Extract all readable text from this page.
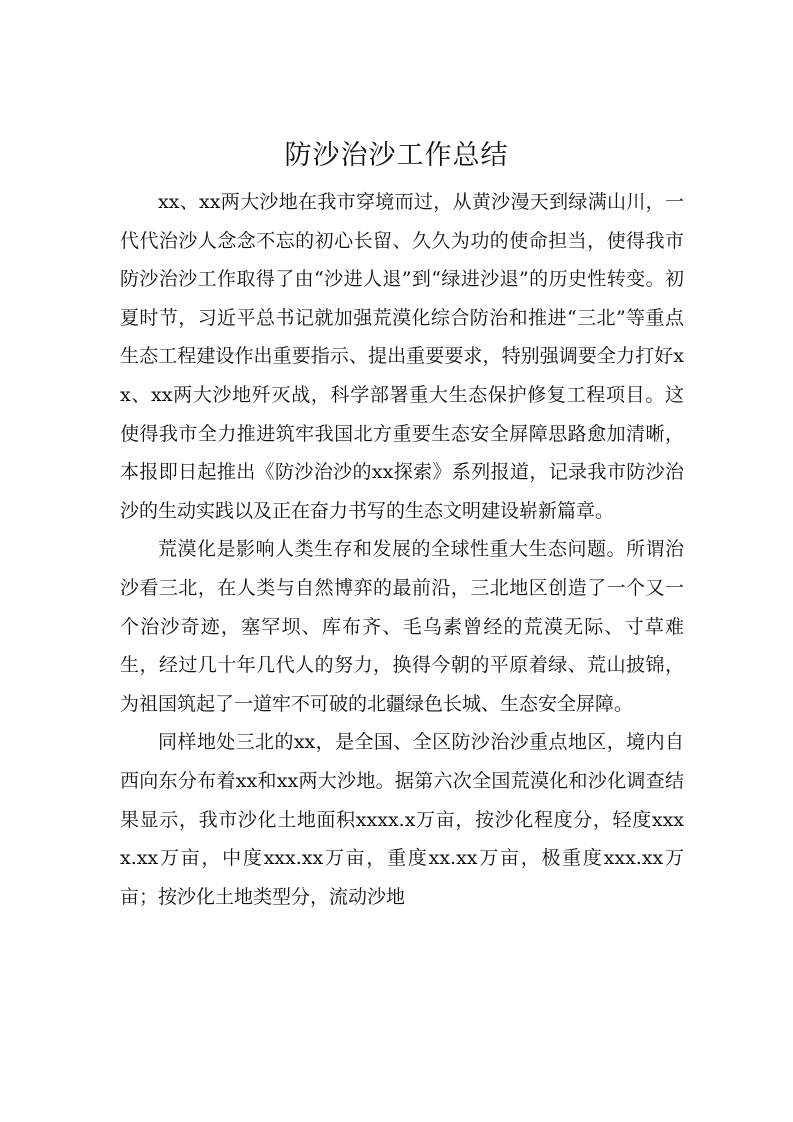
防沙治沙工作总结

xx、xx两大沙地在我市穿境而过，从黄沙漫天到绿满山川，一代代治沙人念念不忘的初心长留、久久为功的使命担当，使得我市防沙治沙工作取得了由“沙进人退”到“绿进沙退”的历史性转变。初夏时节，习近平总书记就加强荒漠化综合防治和推进“三北”等重点生态工程建设作出重要指示、提出重要要求，特别强调要全力打好xx、xx两大沙地歼灭战，科学部署重大生态保护修复工程项目。这使得我市全力推进筑牢我国北方重要生态安全屏障思路愈加清晰，本报即日起推出《防沙治沙的xx探索》系列报道，记录我市防沙治沙的生动实践以及正在奋力书写的生态文明建设崭新篇章。

荒漠化是影响人类生存和发展的全球性重大生态问题。所谓治沙看三北，在人类与自然博弈的最前沿，三北地区创造了一个又一个治沙奇迹，塞罕坝、库布齐、毛乌素曾经的荒漠无际、寸草难生，经过几十年几代人的努力，换得今朝的平原着绿、荒山披锦，为祖国筑起了一道牢不可破的北疆绿色长城、生态安全屏障。

同样地处三北的xx，是全国、全区防沙治沙重点地区，境内自西向东分布着xx和xx两大沙地。据第六次全国荒漠化和沙化调查结果显示，我市沙化土地面积xxxx.x万亩，按沙化程度分，轻度xxxx.xx万亩，中度xxx.xx万亩，重度xx.xx万亩，极重度xxx.xx万亩；按沙化土地类型分，流动沙地
